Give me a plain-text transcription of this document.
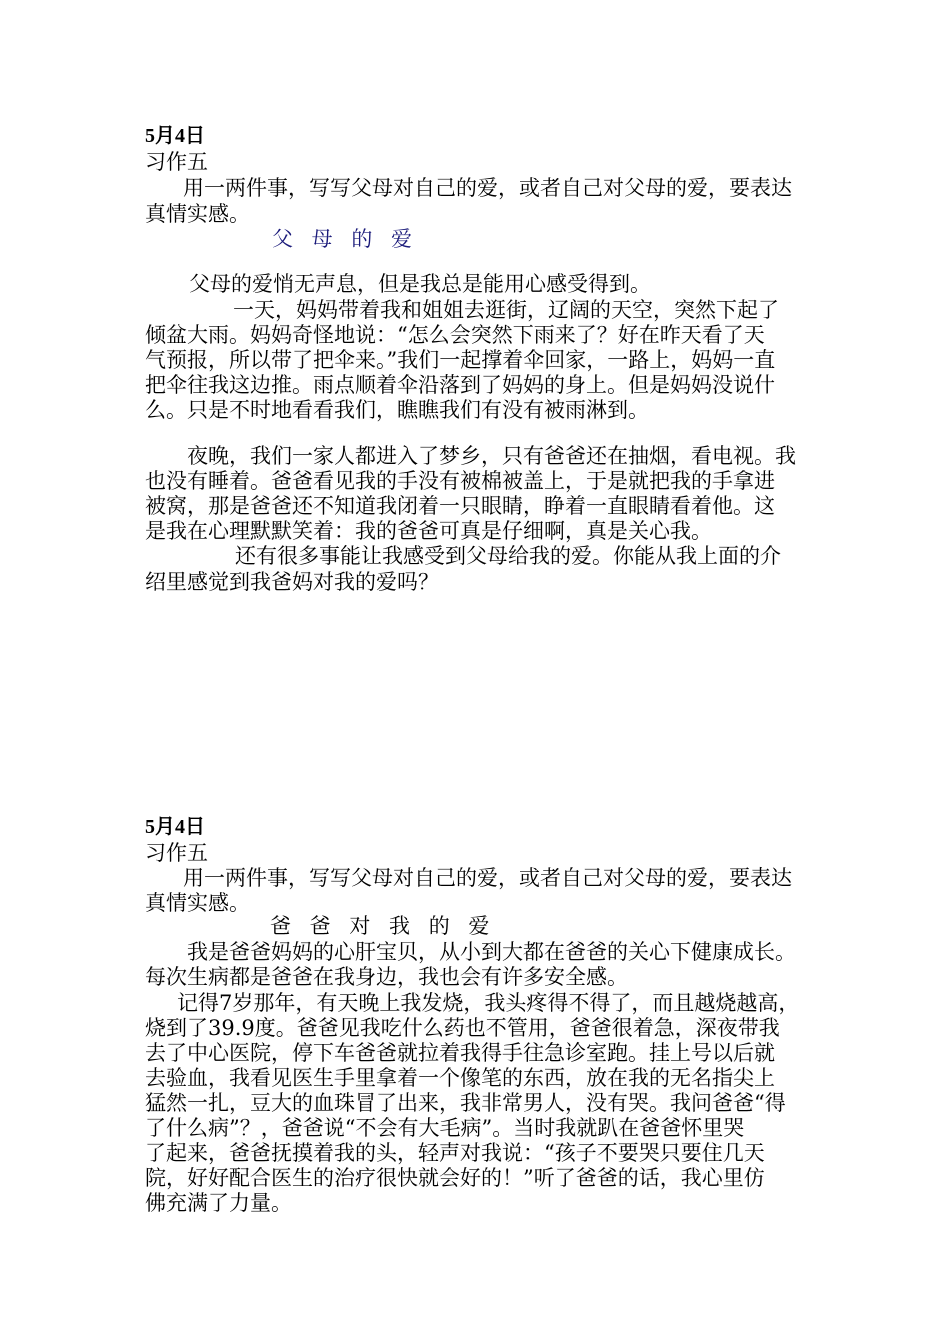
5月4日
习作五
用一两件事，写写父母对自己的爱，或者自己对父母的爱，要表达
真情实感。
父 母 的 爱
父母的爱悄无声息，但是我总是能用心感受得到。
一天，妈妈带着我和姐姐去逛街，辽阔的天空，突然下起了
倾盆大雨。妈妈奇怪地说：“怎么会突然下雨来了？好在昨天看了天
气预报，所以带了把伞来。”我们一起撑着伞回家，一路上，妈妈一直
把伞往我这边推。雨点顺着伞沿落到了妈妈的身上。但是妈妈没说什
么。只是不时地看看我们，瞧瞧我们有没有被雨淋到。
夜晚，我们一家人都进入了梦乡，只有爸爸还在抽烟，看电视。我
也没有睡着。爸爸看见我的手没有被棉被盖上，于是就把我的手拿进
被窝，那是爸爸还不知道我闭着一只眼睛，睁着一直眼睛看着他。这
是我在心理默默笑着：我的爸爸可真是仔细啊，真是关心我。
还有很多事能让我感受到父母给我的爱。你能从我上面的介
绍里感觉到我爸妈对我的爱吗？
5月4日
习作五
用一两件事，写写父母对自己的爱，或者自己对父母的爱，要表达
真情实感。
爸 爸 对 我 的 爱
我是爸爸妈妈的心肝宝贝，从小到大都在爸爸的关心下健康成长。
每次生病都是爸爸在我身边，我也会有许多安全感。
记得7岁那年，有天晚上我发烧，我头疼得不得了，而且越烧越高，
烧到了39.9度。爸爸见我吃什么药也不管用，爸爸很着急，深夜带我
去了中心医院，停下车爸爸就拉着我得手往急诊室跑。挂上号以后就
去验血，我看见医生手里拿着一个像笔的东西，放在我的无名指尖上
猛然一扎，豆大的血珠冒了出来，我非常男人，没有哭。我问爸爸“得
了什么病”？，爸爸说“不会有大毛病”。当时我就趴在爸爸怀里哭
了起来，爸爸抚摸着我的头，轻声对我说：“孩子不要哭只要住几天
院，好好配合医生的治疗很快就会好的！”听了爸爸的话，我心里仿
佛充满了力量。
